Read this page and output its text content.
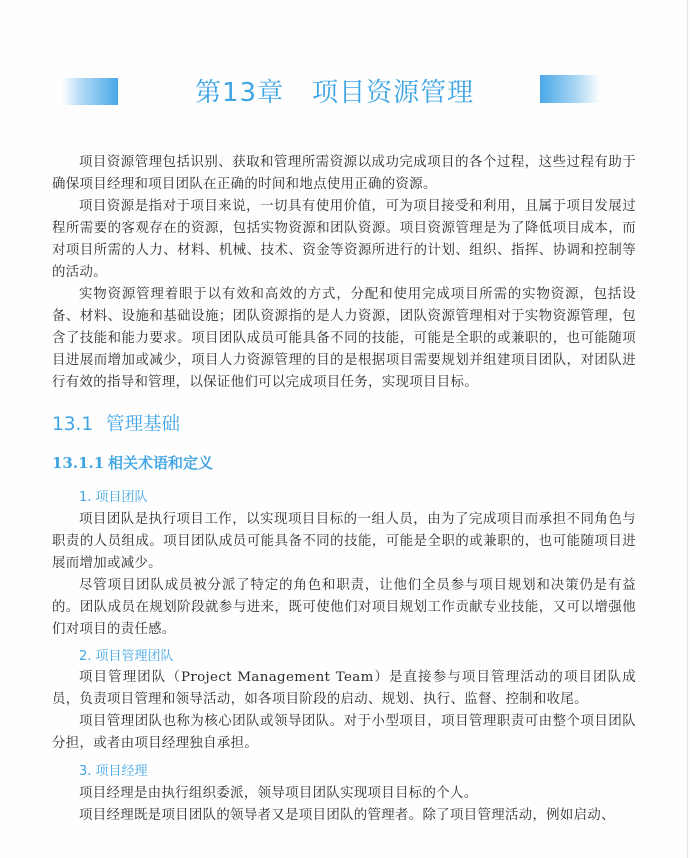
第13章 项目资源管理

项目资源管理包括识别、获取和管理所需资源以成功完成项目的各个过程，这些过程有助于确保项目经理和项目团队在正确的时间和地点使用正确的资源。

项目资源是指对于项目来说，一切具有使用价值，可为项目接受和利用，且属于项目发展过程所需要的客观存在的资源，包括实物资源和团队资源。项目资源管理是为了降低项目成本，而对项目所需的人力、材料、机械、技术、资金等资源所进行的计划、组织、指挥、协调和控制等的活动。

实物资源管理着眼于以有效和高效的方式，分配和使用完成项目所需的实物资源，包括设备、材料、设施和基础设施；团队资源指的是人力资源，团队资源管理相对于实物资源管理，包含了技能和能力要求。项目团队成员可能具备不同的技能，可能是全职的或兼职的，也可能随项目进展而增加或减少，项目人力资源管理的目的是根据项目需要规划并组建项目团队，对团队进行有效的指导和管理，以保证他们可以完成项目任务，实现项目目标。

13.1 管理基础
13.1.1 相关术语和定义
1. 项目团队

项目团队是执行项目工作，以实现项目目标的一组人员，由为了完成项目而承担不同角色与职责的人员组成。项目团队成员可能具备不同的技能，可能是全职的或兼职的，也可能随项目进展而增加或减少。

尽管项目团队成员被分派了特定的角色和职责，让他们全员参与项目规划和决策仍是有益的。团队成员在规划阶段就参与进来，既可使他们对项目规划工作贡献专业技能，又可以增强他们对项目的责任感。

2. 项目管理团队

项目管理团队（Project Management Team）是直接参与项目管理活动的项目团队成员，负责项目管理和领导活动，如各项目阶段的启动、规划、执行、监督、控制和收尾。

项目管理团队也称为核心团队或领导团队。对于小型项目，项目管理职责可由整个项目团队分担，或者由项目经理独自承担。

3. 项目经理

项目经理是由执行组织委派，领导项目团队实现项目目标的个人。

项目经理既是项目团队的领导者又是项目团队的管理者。除了项目管理活动，例如启动、
